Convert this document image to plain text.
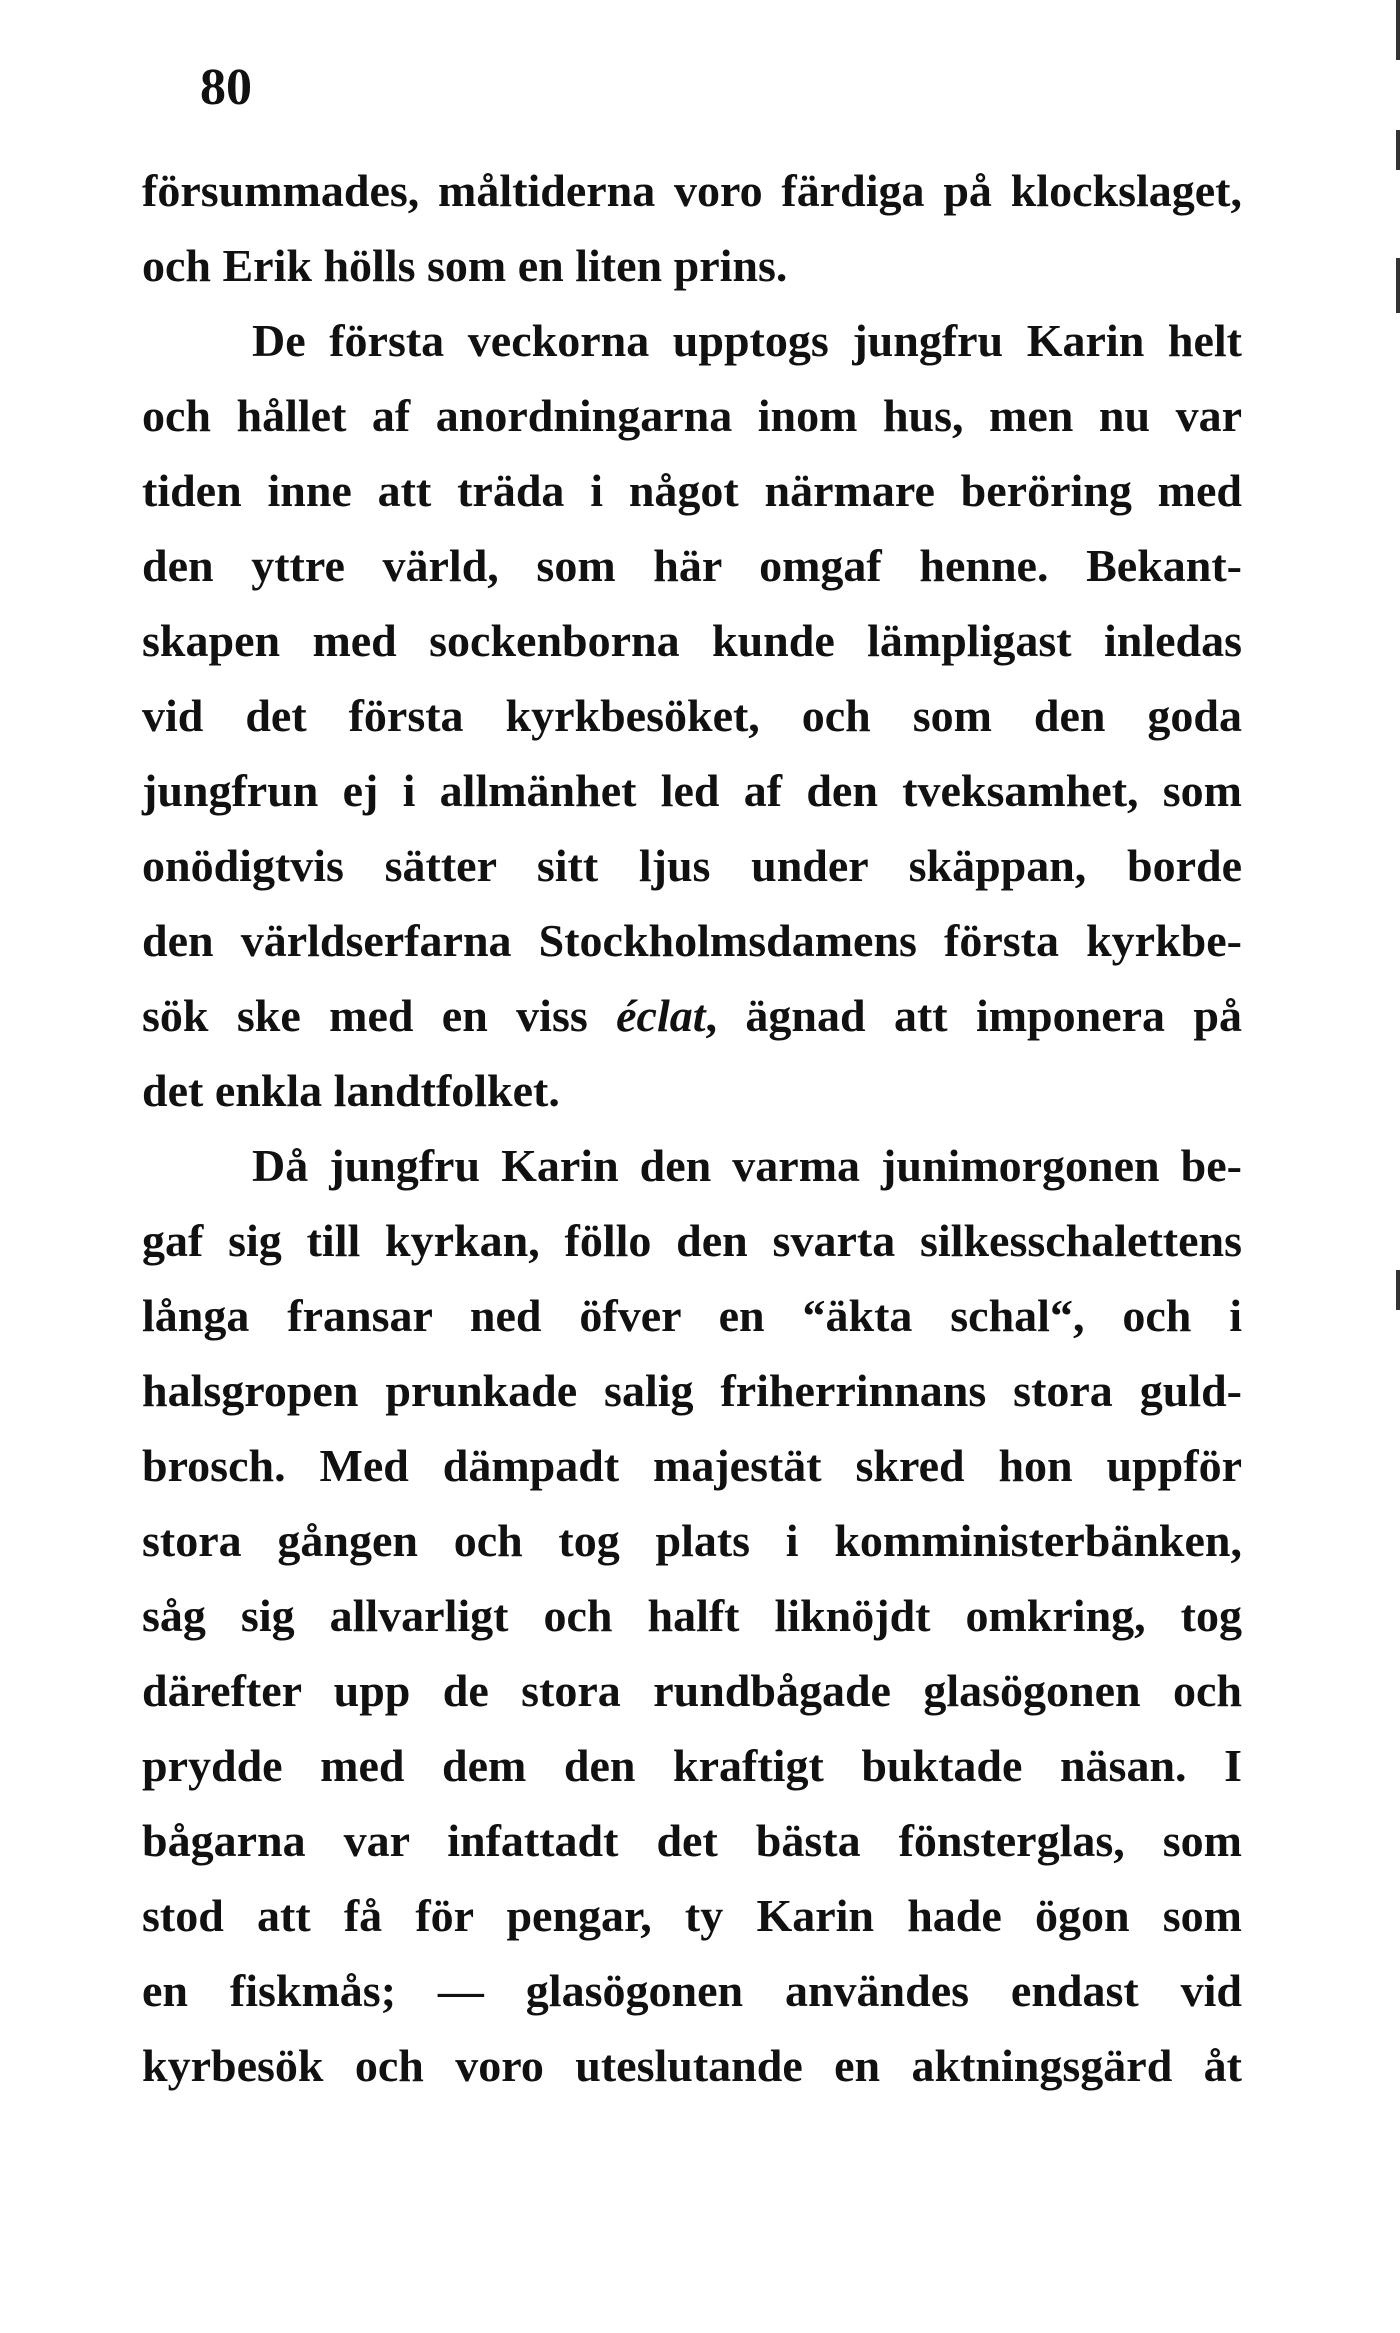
80
försummades, måltiderna voro färdiga på klockslaget,
och Erik hölls som en liten prins.
De första veckorna upptogs jungfru Karin helt
och hållet af anordningarna inom hus, men nu var
tiden inne att träda i något närmare beröring med
den yttre värld, som här omgaf henne. Bekant-
skapen med sockenborna kunde lämpligast inledas
vid det första kyrkbesöket, och som den goda
jungfrun ej i allmänhet led af den tveksamhet, som
onödigtvis sätter sitt ljus under skäppan, borde
den världserfarna Stockholmsdamens första kyrkbe-
sök ske med en viss éclat, ägnad att imponera på
det enkla landtfolket.
Då jungfru Karin den varma junimorgonen be-
gaf sig till kyrkan, föllo den svarta silkesschalettens
långa fransar ned öfver en “äkta schal“, och i
halsgropen prunkade salig friherrinnans stora guld-
brosch. Med dämpadt majestät skred hon uppför
stora gången och tog plats i komministerbänken,
såg sig allvarligt och halft liknöjdt omkring, tog
därefter upp de stora rundbågade glasögonen och
prydde med dem den kraftigt buktade näsan. I
bågarna var infattadt det bästa fönsterglas, som
stod att få för pengar, ty Karin hade ögon som
en fiskmås; — glasögonen användes endast vid
kyrbesök och voro uteslutande en aktningsgärd åt
